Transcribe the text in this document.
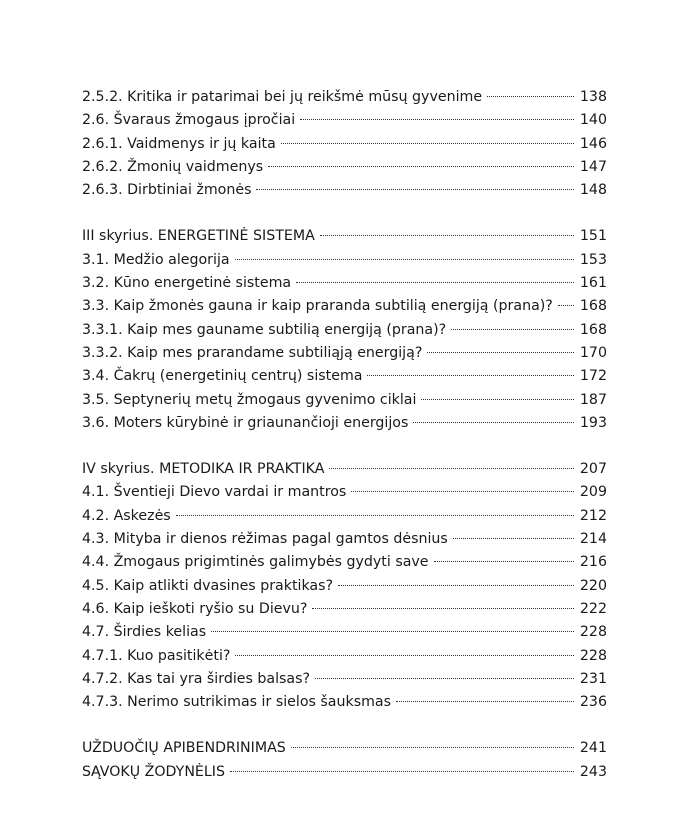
2.5.2. Kritika ir patarimai bei jų reikšmė mūsų gyvenime	138
2.6. Švaraus žmogaus įpročiai	140
2.6.1. Vaidmenys ir jų kaita	146
2.6.2. Žmonių vaidmenys	147
2.6.3. Dirbtiniai žmonės	148
III skyrius. ENERGETINĖ SISTEMA	151
3.1. Medžio alegorija	153
3.2. Kūno energetinė sistema	161
3.3. Kaip žmonės gauna ir kaip praranda subtilią energiją (prana)? 168
3.3.1. Kaip mes gauname subtilią energiją (prana)?	168
3.3.2. Kaip mes prarandame subtiliąją energiją?	170
3.4. Čakrų (energetinių centrų) sistema	172
3.5. Septynerių metų žmogaus gyvenimo ciklai	187
3.6. Moters kūrybinė ir griaunančioji energijos	193
IV skyrius. METODIKA IR PRAKTIKA	207
4.1. Šventieji Dievo vardai ir mantros	209
4.2. Askezės	212
4.3. Mityba ir dienos rėžimas pagal gamtos dėsnius	214
4.4. Žmogaus prigimtinės galimybės gydyti save	216
4.5. Kaip atlikti dvasines praktikas?	220
4.6. Kaip ieškoti ryšio su Dievu?	222
4.7. Širdies kelias	228
4.7.1. Kuo pasitikėti?	228
4.7.2. Kas tai yra širdies balsas?	231
4.7.3. Nerimo sutrikimas ir sielos šauksmas	236
UŽDUOČIŲ APIBENDRINIMAS	241
SĄVOKŲ ŽODYNĖLIS	243
